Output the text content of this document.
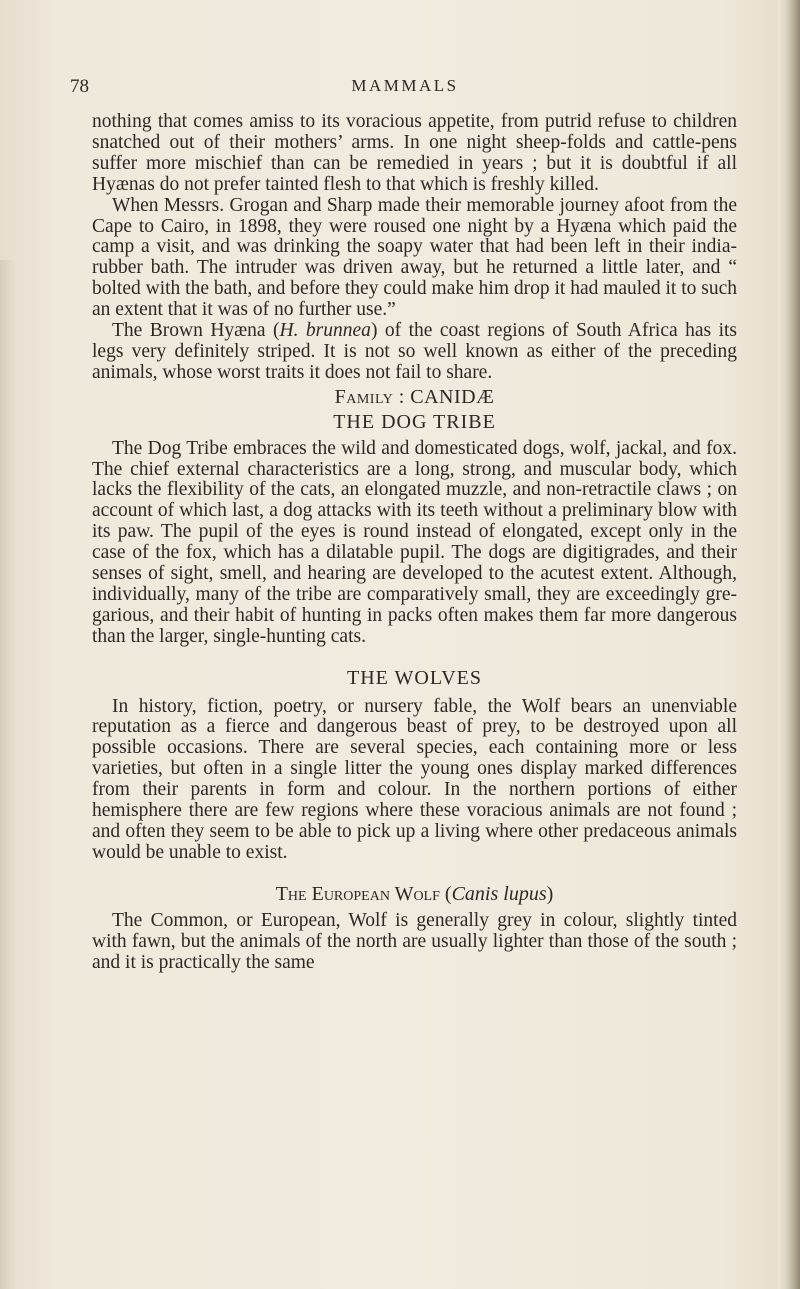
78	MAMMALS

nothing that comes amiss to its voracious appetite, from putrid refuse to children snatched out of their mothers’ arms. In one night sheep-folds and cattle-pens suffer more mischief than can be remedied in years ; but it is doubtful if all Hyænas do not prefer tainted flesh to that which is freshly killed.

When Messrs. Grogan and Sharp made their memorable journey afoot from the Cape to Cairo, in 1898, they were roused one night by a Hyæna which paid the camp a visit, and was drinking the soapy water that had been left in their india-rubber bath. The intruder was driven away, but he returned a little later, and “ bolted with the bath, and before they could make him drop it had mauled it to such an extent that it was of no further use.”

The Brown Hyæna (H. brunnea) of the coast regions of South Africa has its legs very definitely striped. It is not so well known as either of the preceding animals, whose worst traits it does not fail to share.

Family : CANIDÆ
THE DOG TRIBE

The Dog Tribe embraces the wild and domesticated dogs, wolf, jackal, and fox. The chief external characteristics are a long, strong, and muscular body, which lacks the flexibility of the cats, an elongated muzzle, and non-retractile claws ; on account of which last, a dog attacks with its teeth without a preliminary blow with its paw. The pupil of the eyes is round instead of elongated, except only in the case of the fox, which has a dilatable pupil. The dogs are digitigrades, and their senses of sight, smell, and hearing are developed to the acutest extent. Although, individually, many of the tribe are comparatively small, they are exceedingly gre-garious, and their habit of hunting in packs often makes them far more dangerous than the larger, single-hunting cats.

THE WOLVES

In history, fiction, poetry, or nursery fable, the Wolf bears an unenviable reputation as a fierce and dangerous beast of prey, to be destroyed upon all possible occasions. There are several species, each containing more or less varieties, but often in a single litter the young ones display marked differences from their parents in form and colour. In the northern portions of either hemisphere there are few regions where these voracious animals are not found ; and often they seem to be able to pick up a living where other predaceous animals would be unable to exist.

The European Wolf (Canis lupus)

The Common, or European, Wolf is generally grey in colour, slightly tinted with fawn, but the animals of the north are usually lighter than those of the south ; and it is practically the same
